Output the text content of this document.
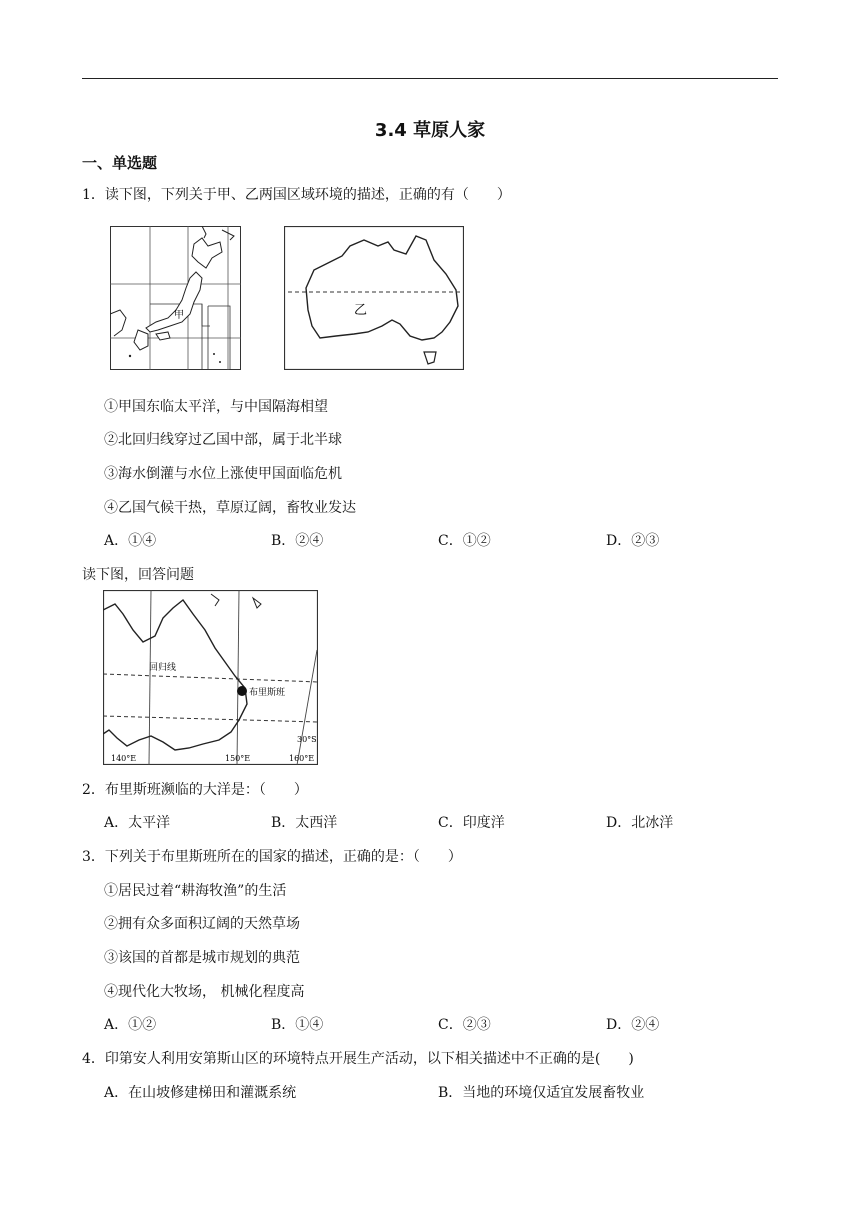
3.4 草原人家
一、单选题
1．读下图，下列关于甲、乙两国区域环境的描述，正确的有（　　）
甲	乙
①甲国东临太平洋，与中国隔海相望
②北回归线穿过乙国中部，属于北半球
③海水倒灌与水位上涨使甲国面临危机
④乙国气候干热，草原辽阔，畜牧业发达
A．①④	B．②④	C．①②	D．②③
读下图，回答问题
回归线
布里斯班
30°S
140°E	150°E	160°E
2．布里斯班濒临的大洋是：（　　）
A．太平洋	B．太西洋	C．印度洋	D．北冰洋
3．下列关于布里斯班所在的国家的描述，正确的是：（　　）
①居民过着“耕海牧渔”的生活
②拥有众多面积辽阔的天然草场
③该国的首都是城市规划的典范
④现代化大牧场， 机械化程度高
A．①②	B．①④	C．②③	D．②④
4．印第安人利用安第斯山区的环境特点开展生产活动，以下相关描述中不正确的是(　　)
A．在山坡修建梯田和灌溉系统	B．当地的环境仅适宜发展畜牧业
